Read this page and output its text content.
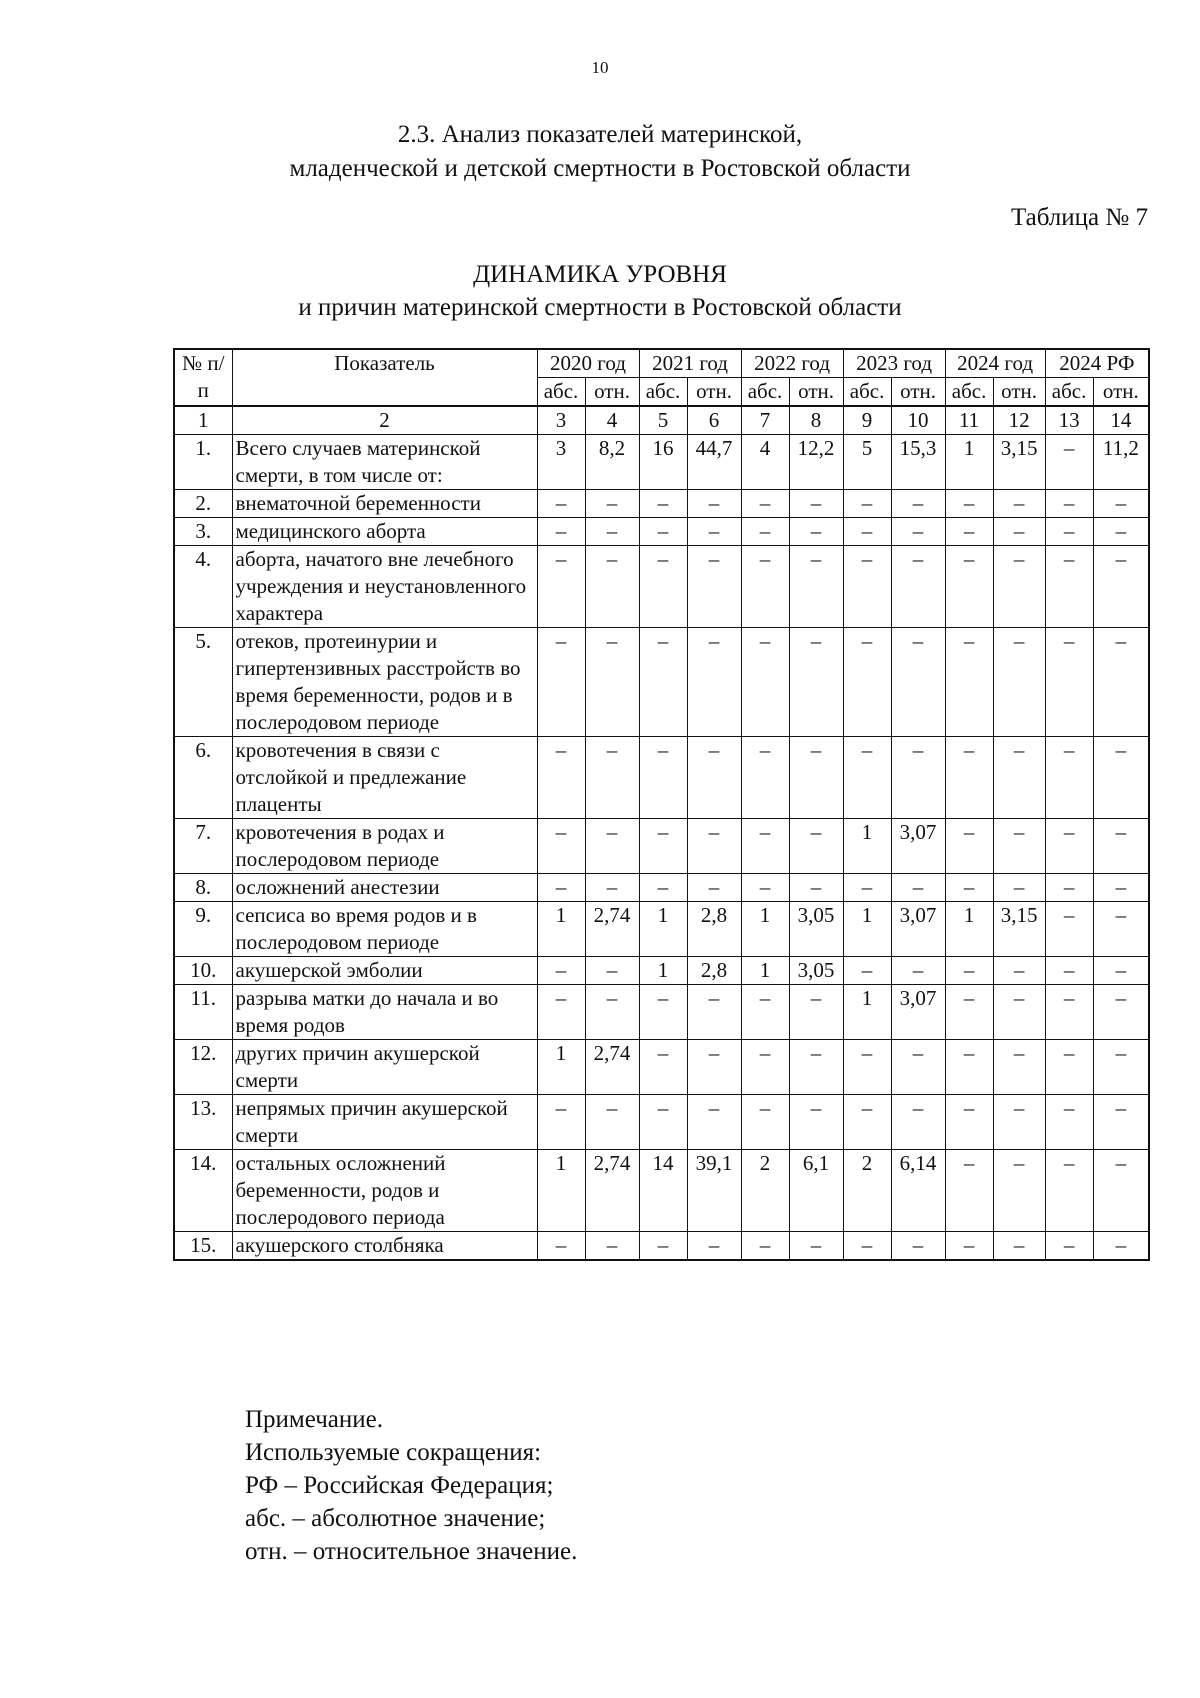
10
2.3. Анализ показателей материнской,
младенческой и детской смертности в Ростовской области
Таблица № 7
ДИНАМИКА УРОВНЯ
и причин материнской смертности в Ростовской области
№ п/п	Показатель	2020 год		2021 год		2022 год		2023 год		2024 год		2024 РФ	
		абс.	отн.	абс.	отн.	абс.	отн.	абс.	отн.	абс.	отн.	абс.	отн.
1	2	3	4	5	6	7	8	9	10	11	12	13	14
1.	Всего случаев материнской смерти, в том числе от:	3	8,2	16	44,7	4	12,2	5	15,3	1	3,15	–	11,2
2.	внематочной беременности	–	–	–	–	–	–	–	–	–	–	–	–
3.	медицинского аборта	–	–	–	–	–	–	–	–	–	–	–	–
4.	аборта, начатого вне лечебного учреждения и неустановленного характера	–	–	–	–	–	–	–	–	–	–	–	–
5.	отеков, протеинурии и гипертензивных расстройств во время беременности, родов и в послеродовом периоде	–	–	–	–	–	–	–	–	–	–	–	–
6.	кровотечения в связи с отслойкой и предлежание плаценты	–	–	–	–	–	–	–	–	–	–	–	–
7.	кровотечения в родах и послеродовом периоде	–	–	–	–	–	–	1	3,07	–	–	–	–
8.	осложнений анестезии	–	–	–	–	–	–	–	–	–	–	–	–
9.	сепсиса во время родов и в послеродовом периоде	1	2,74	1	2,8	1	3,05	1	3,07	1	3,15	–	–
10.	акушерской эмболии	–	–	1	2,8	1	3,05	–	–	–	–	–	–
11.	разрыва матки до начала и во время родов	–	–	–	–	–	–	1	3,07	–	–	–	–
12.	других причин акушерской смерти	1	2,74	–	–	–	–	–	–	–	–	–	–
13.	непрямых причин акушерской смерти	–	–	–	–	–	–	–	–	–	–	–	–
14.	остальных осложнений беременности, родов и послеродового периода	1	2,74	14	39,1	2	6,1	2	6,14	–	–	–	–
15.	акушерского столбняка	–	–	–	–	–	–	–	–	–	–	–	–
Примечание.
Используемые сокращения:
РФ – Российская Федерация;
абс. – абсолютное значение;
отн. – относительное значение.
